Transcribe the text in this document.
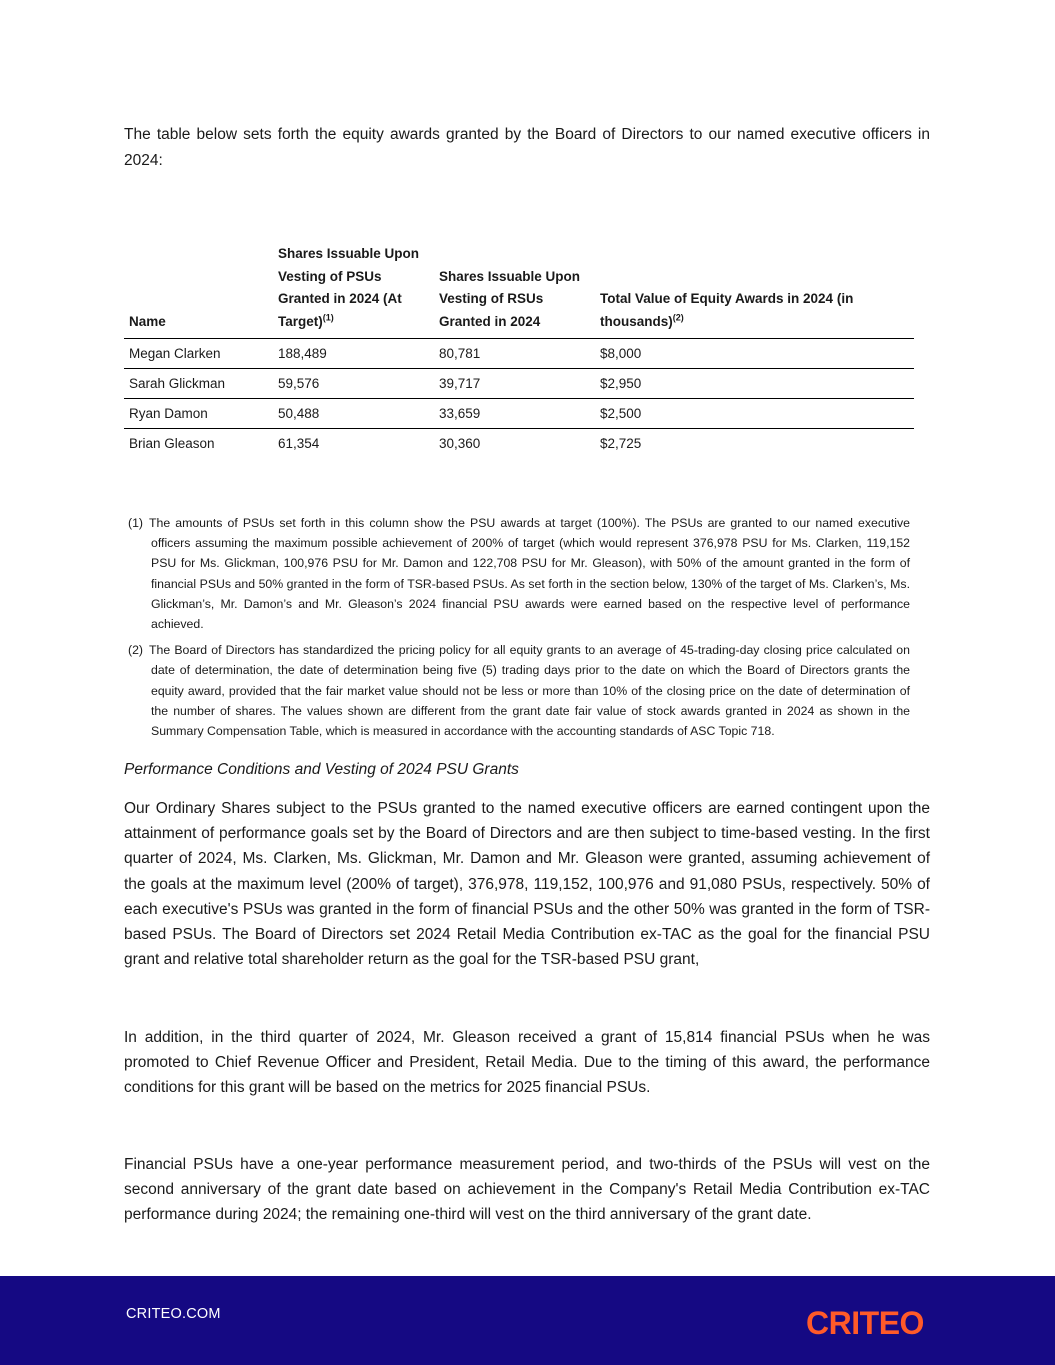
The table below sets forth the equity awards granted by the Board of Directors to our named executive officers in 2024:

Name	Shares Issuable Upon Vesting of PSUs Granted in 2024 (At Target)$^{(1)}$	Shares Issuable Upon Vesting of RSUs Granted in 2024	Total Value of Equity Awards in 2024 (in thousands)$^{(2)}$
Megan Clarken	188,489	80,781	$8,000
Sarah Glickman	59,576	39,717	$2,950
Ryan Damon	50,488	33,659	$2,500
Brian Gleason	61,354	30,360	$2,725

(1) The amounts of PSUs set forth in this column show the PSU awards at target (100%). The PSUs are granted to our named executive officers assuming the maximum possible achievement of 200% of target (which would represent 376,978 PSU for Ms. Clarken, 119,152 PSU for Ms. Glickman, 100,976 PSU for Mr. Damon and 122,708 PSU for Mr. Gleason), with 50% of the amount granted in the form of financial PSUs and 50% granted in the form of TSR-based PSUs. As set forth in the section below, 130% of the target of Ms. Clarken’s, Ms. Glickman’s, Mr. Damon’s and Mr. Gleason’s 2024 financial PSU awards were earned based on the respective level of performance achieved.

(2) The Board of Directors has standardized the pricing policy for all equity grants to an average of 45-trading-day closing price calculated on date of determination, the date of determination being five (5) trading days prior to the date on which the Board of Directors grants the equity award, provided that the fair market value should not be less or more than 10% of the closing price on the date of determination of the number of shares. The values shown are different from the grant date fair value of stock awards granted in 2024 as shown in the Summary Compensation Table, which is measured in accordance with the accounting standards of ASC Topic 718.

Performance Conditions and Vesting of 2024 PSU Grants

Our Ordinary Shares subject to the PSUs granted to the named executive officers are earned contingent upon the attainment of performance goals set by the Board of Directors and are then subject to time-based vesting. In the first quarter of 2024, Ms. Clarken, Ms. Glickman, Mr. Damon and Mr. Gleason were granted, assuming achievement of the goals at the maximum level (200% of target), 376,978, 119,152, 100,976 and 91,080 PSUs, respectively. 50% of each executive's PSUs was granted in the form of financial PSUs and the other 50% was granted in the form of TSR-based PSUs. The Board of Directors set 2024 Retail Media Contribution ex-TAC as the goal for the financial PSU grant and relative total shareholder return as the goal for the TSR-based PSU grant,

In addition, in the third quarter of 2024, Mr. Gleason received a grant of 15,814 financial PSUs when he was promoted to Chief Revenue Officer and President, Retail Media. Due to the timing of this award, the performance conditions for this grant will be based on the metrics for 2025 financial PSUs.

Financial PSUs have a one-year performance measurement period, and two-thirds of the PSUs will vest on the second anniversary of the grant date based on achievement in the Company's Retail Media Contribution ex-TAC performance during 2024; the remaining one-third will vest on the third anniversary of the grant date.

CRITEO.COM	CRITEO
